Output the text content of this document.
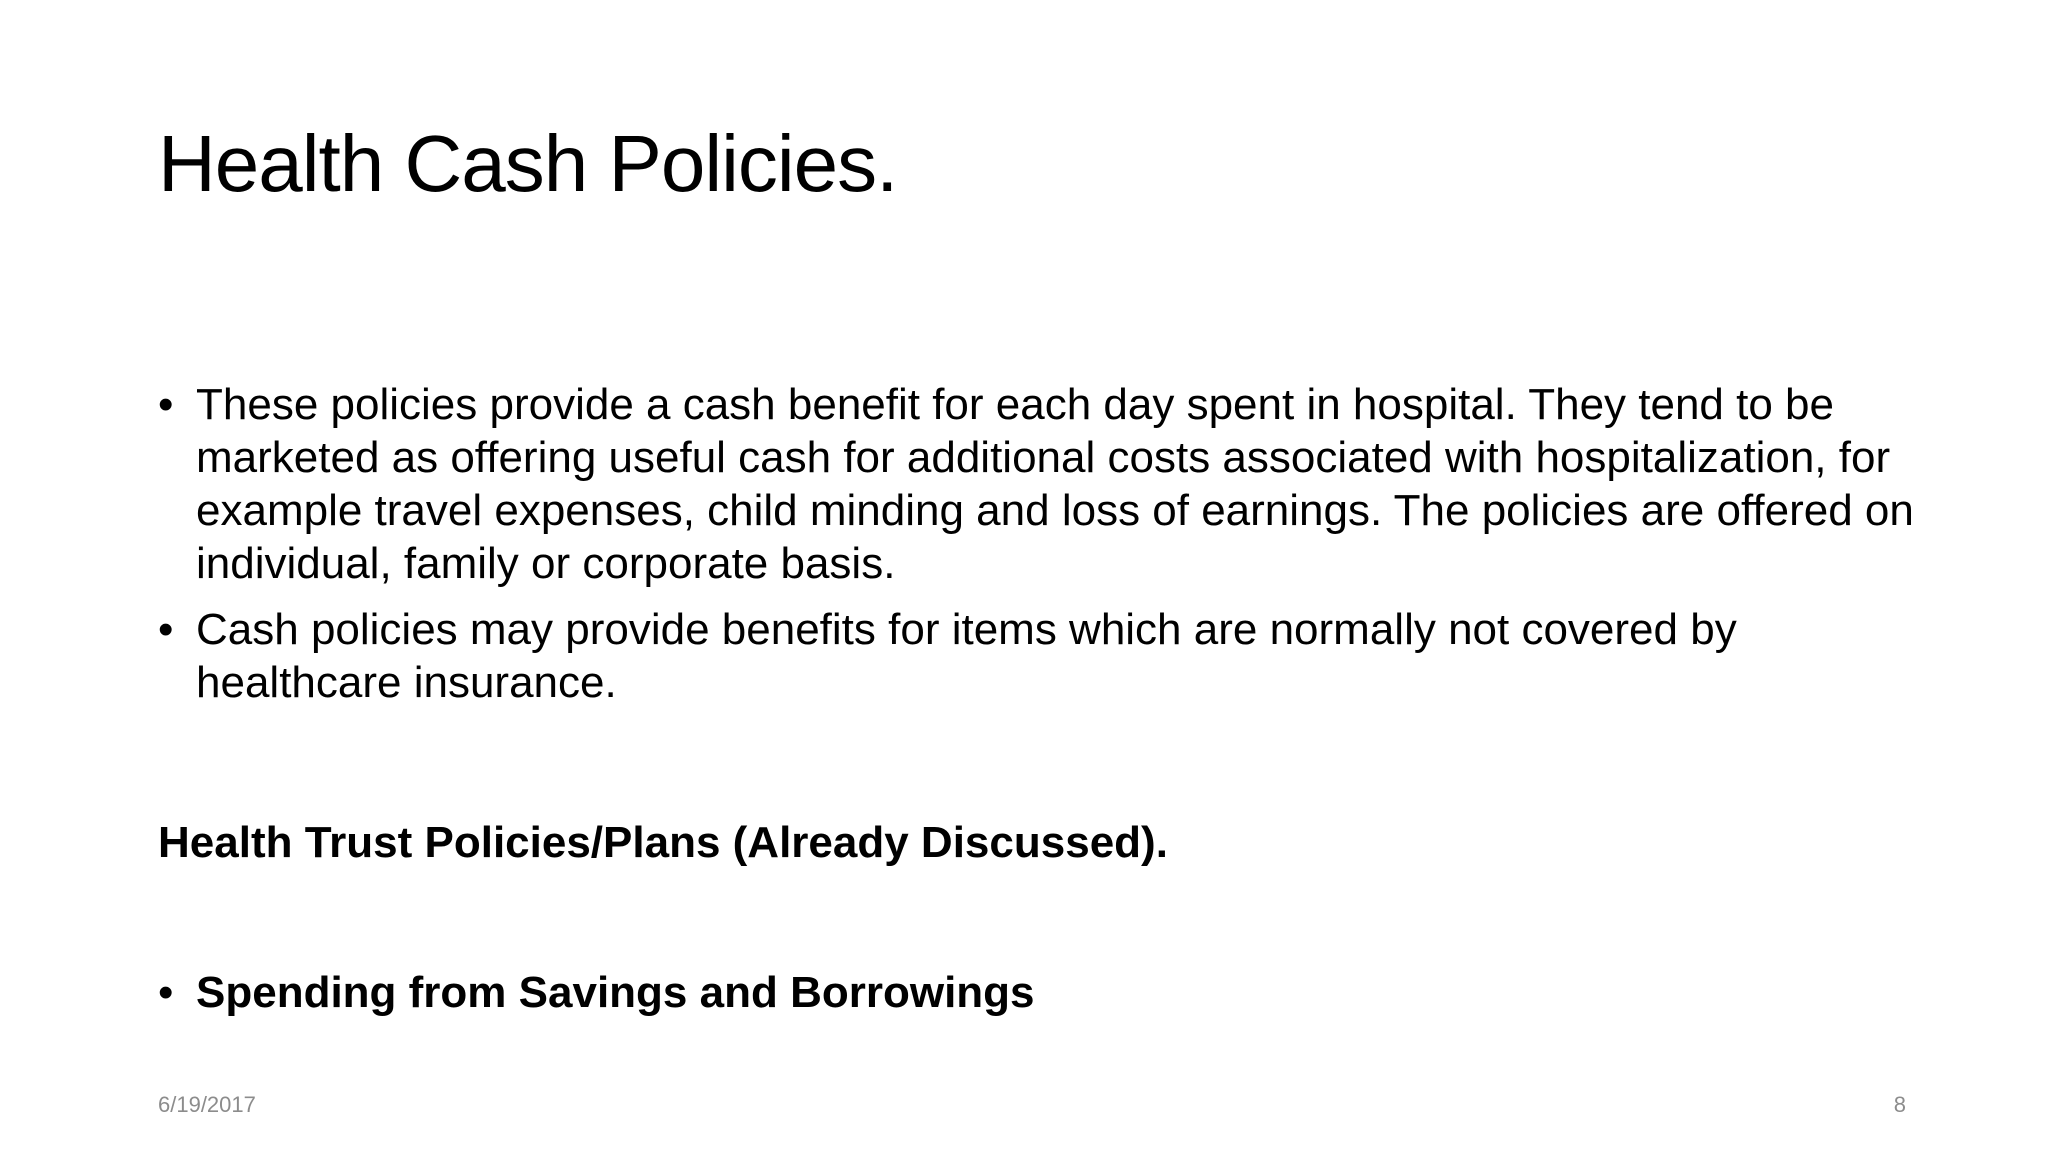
Health Cash Policies.
• These policies provide a cash benefit for each day spent in hospital. They tend to be marketed as offering useful cash for additional costs associated with hospitalization, for example travel expenses, child minding and loss of earnings. The policies are offered on individual, family or corporate basis.
• Cash policies may provide benefits for items which are normally not covered by healthcare insurance.
Health Trust Policies/Plans (Already Discussed).
• Spending from Savings and Borrowings
6/19/2017	8
